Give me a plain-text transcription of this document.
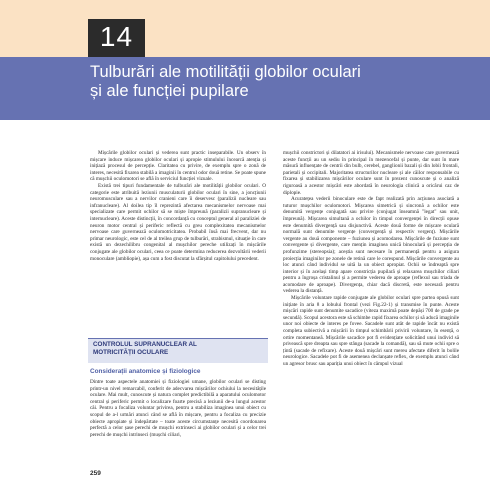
14
Tulburări ale motilității globilor oculari
și ale funcției pupilare

Mișcările globilor oculari și vederea sunt practic inseparabile. Un observ în mișcare induce mișcarea globilor oculari și apropie stimulului încearcă atenția și inițiază procesul de percepție. Claritatea cu privire, de exemplu spre o zonă de interes, necesită fixarea stabilă a imaginii în centrul odor două retine. Se poate spune că mușchii oculomotori se află în serviciul funcției vizuale.

Există trei tipuri fundamentale de tulburări ale motilității globilor oculari. O categorie este atribuită leziunii musculaturii globilor oculari în sine, a joncțiunii neuromusculare sau a nervilor cranieni care îi deservesc (paralizii nucleare sau infranucleare). Al doilea tip îl reprezintă afectarea mecanismelor nervoase mai specializate care permit ochilor să se miște împreună (paralizii supranucleare și internucleare). Aceste distincții, în concordanță cu conceptul general al paraliziei de neuron motor central și periferic reflectă cu greu complexitatea mecanismelor nervoase care guvernează oculomotricitatea. Probabil însă mai frecvent, dar nu primar neurologic, este cel de al treilea grup de tulburări, strabismul, situație în care există un dezechilibru congenital al mușchilor pereche utilizați în mișcările conjugate ale globilor oculari, ceea ce poate determina reducerea dezvoltării vederii monoculare (ambliopie), așa cum a fost discutat la sfârșitul capitolului precedent.

CONTROLUL SUPRANUCLEAR AL
MOTRICITĂȚII OCULARE
Considerații anatomice și fiziologice

Dintre toate aspectele anatomiei și fiziologiei umane, globilor oculari se disting printr-un nivel remarcabil, conferit de adecvarea mișcărilor ochiului la necesitățile oculare. Mai mult, cunoscute și natura complet predictibilă a aparatului oculomotor central și periferic permit o localizare foarte precisă a leziunii de-a lungul acestor căi. Pentru a focaliza voluntar privirea, pentru a stabiliza imaginea unui obiect cu scopul de a-l urmări atunci când se află în mișcare, pentru a focaliza cu precizie obiecte apropiate și îndepărtate – toate aceste circumstanțe necesită coordonarea perfectă a celor șase perechi de mușchi extrinseci ai globilor oculari și a celor trei perechi de mușchi intrinseci (mușchi ciliari,

mușchii constrictori și dilatatori ai irisului). Mecanismele nervoase care guvernează aceste funcții au un sediu în principal în mezencefal și punte, dar sunt în mare măsură influențate de centrii din bulb, cerebel, ganglionii bazali și din lobii frontali, parietali și occipitali. Majoritatea structurilor nucleare și ale căilor responsabile cu fixarea și stabilizarea mișcărilor oculare sunt în prezent cunoscute și o analiză riguroasă a acestor mișcări este abordată în neurologia clinică a oricărui caz de diplopie.

Acuratețea vederii binoculare este de fapt realizată prin acțiunea asociată a tuturor mușchilor oculomotori. Mișcarea simetrică și sincronă a ochilor este denumită vergențe conjugată sau privire (conjugat înseamnă "legat" sau unit, împreună). Mișcarea simultană a ochilor în timpul convergenței în direcții opuse este denumită divergență sau disjunctivă. Aceste două forme de mișcare oculară normală sunt denumite vergențe (convergență și respectiv vergenț). Mișcările vergente au două componente – fuziunea și acomodarea. Mișcările de fuziune sunt convergente și divergente, care mențin imaginea unică binoculară și percepția de profunzime (stereopsia); aceștia sunt necesare în permanență pentru a asigura proiecția imaginilor pe zonele de retină care le corespund. Mișcările convergente au loc atunci când individul se uită la un obiect apropiat. Ochii se îndreaptă spre interior și în același timp apare constricția pupilară și relaxarea mușchilor ciliari pentru a îngroșa cristalinul și a permite vederea de aproape (reflexul sau triada de acomodare de aproape). Divergența, chiar dacă discretă, este necesară pentru vederea la distanță.

Mișcările voluntare rapide conjugate ale globilor oculari spre partea opusă sunt inițiate în aria 8 a lobului frontal (vezi Fig.22-1) și transmise în punte. Aceste mișcări rapide sunt denumite sacadice (viteza maximă poate depăși 700 de grade pe secundă). Scopul acestora este să schimbe rapid fixarea ochilor și să aducă imaginile unor noi obiecte de interes pe fovee. Sacadele sunt atât de rapide încât nu există completa subiectivă a mișcării în timpul schimbării privirii voluntare, în esență, o ortire momentaneă. Mișcările sacadice pot fi evidențiate solicitând unui individ să privească spre dreapta sau spre stânga (sacade la comandă), sau să mute ochii spre o țintă (sacade de refixare). Aceste două mișcări sunt mereu afectate diferit în bolile neurologice. Sacadele pot fi de asemenea declanșate reflex, de exemplu atunci când un agresor brusc sau apariția unui obiect în câmpul vizual

259
